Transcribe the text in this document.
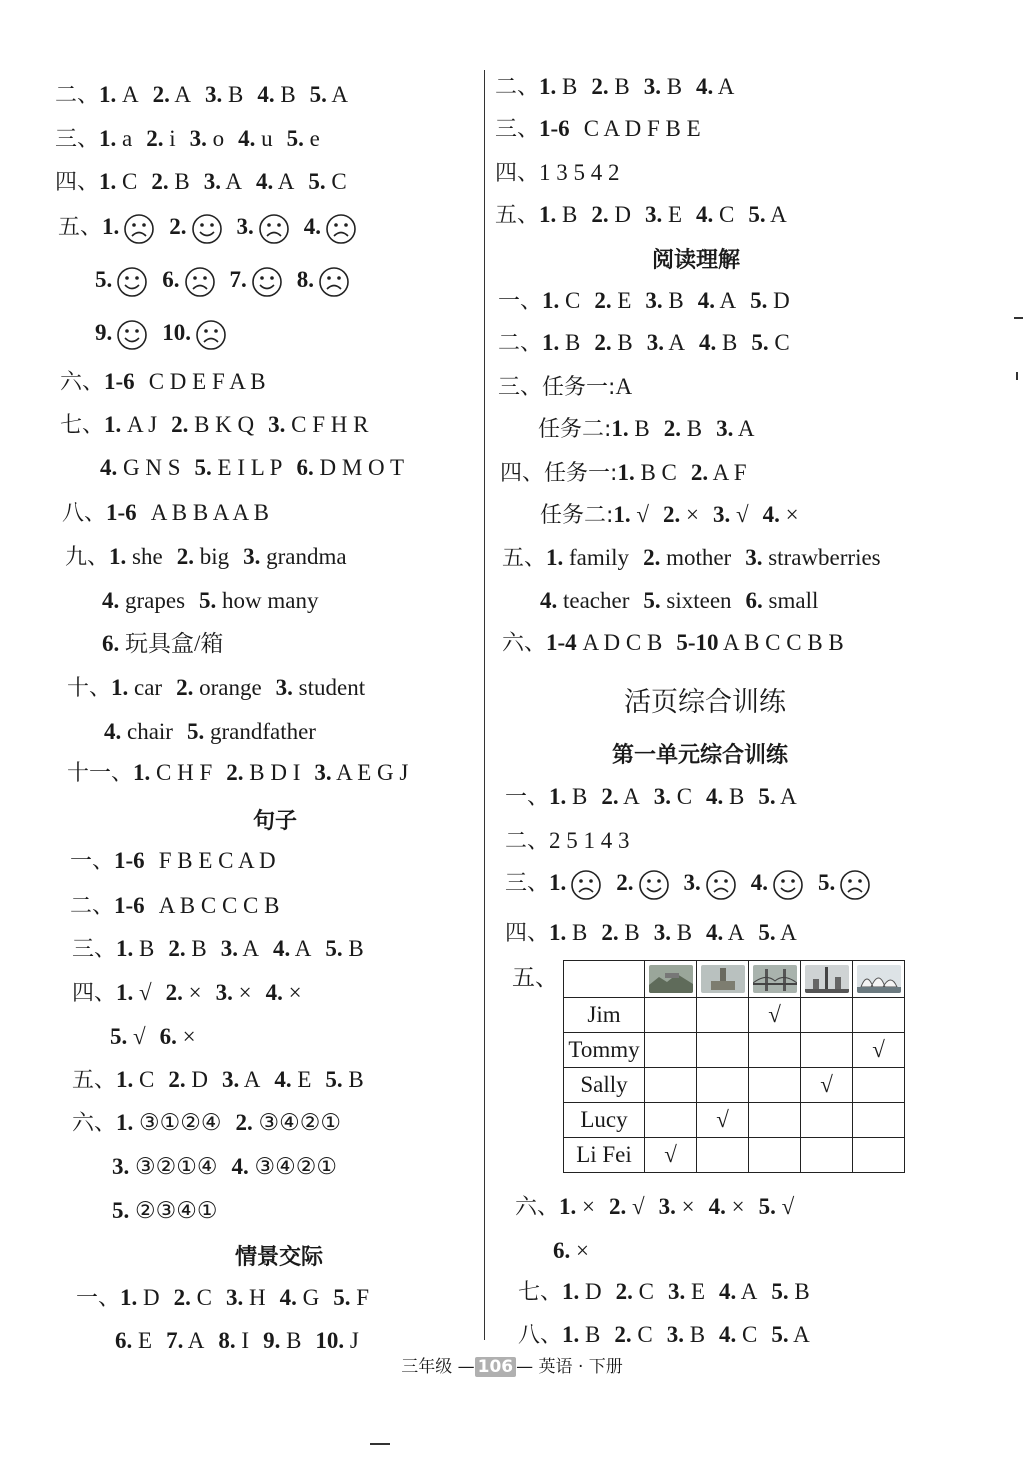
二、1. A 2. A 3. B 4. B 5. A
三、1. a 2. i 3. o 4. u 5. e
四、1. C 2. B 3. A 4. A 5. C
五、1. 2. 3. 4.
5. 6. 7. 8.
9. 10.
六、1-6 C D E F A B
七、1. A J 2. B K Q 3. C F H R
4. G N S 5. E I L P 6. D M O T
八、1-6 A B B A A B
九、1. she 2. big 3. grandma
4. grapes 5. how many
6. 玩具盒/箱
十、1. car 2. orange 3. student
4. chair 5. grandfather
十一、1. C H F 2. B D I 3. A E G J
句子
一、1-6 F B E C A D
二、1-6 A B C C C B
三、1. B 2. B 3. A 4. A 5. B
四、1. √ 2. × 3. × 4. ×
5. √ 6. ×
五、1. C 2. D 3. A 4. E 5. B
六、1. ③①②④ 2. ③④②①
3. ③②①④ 4. ③④②①
5. ②③④①
情景交际
一、1. D 2. C 3. H 4. G 5. F
6. E 7. A 8. I 9. B 10. J
二、1. B 2. B 3. B 4. A
三、1-6 C A D F B E
四、1 3 5 4 2
五、1. B 2. D 3. E 4. C 5. A
阅读理解
一、1. C 2. E 3. B 4. A 5. D
二、1. B 2. B 3. A 4. B 5. C
三、任务一:A
任务二:1. B 2. B 3. A
四、任务一:1. B C 2. A F
任务二:1. √ 2. × 3. √ 4. ×
五、1. family 2. mother 3. strawberries
4. teacher 5. sixteen 6. small
六、1-4 A D C B 5-10 A B C C B B
活页综合训练
第一单元综合训练
一、1. B 2. A 3. C 4. B 5. A
二、2 5 1 4 3
三、1. 2. 3. 4. 5.
四、1. B 2. B 3. B 4. A 5. A
五、

Jim			√		
Tommy					√
Sally				√	
Lucy		√			
Li Fei	√				
六、1. × 2. √ 3. × 4. × 5. √
6. ×
七、1. D 2. C 3. E 4. A 5. B
八、1. B 2. C 3. B 4. C 5. A
三年级 — 106 — 英语 · 下册
